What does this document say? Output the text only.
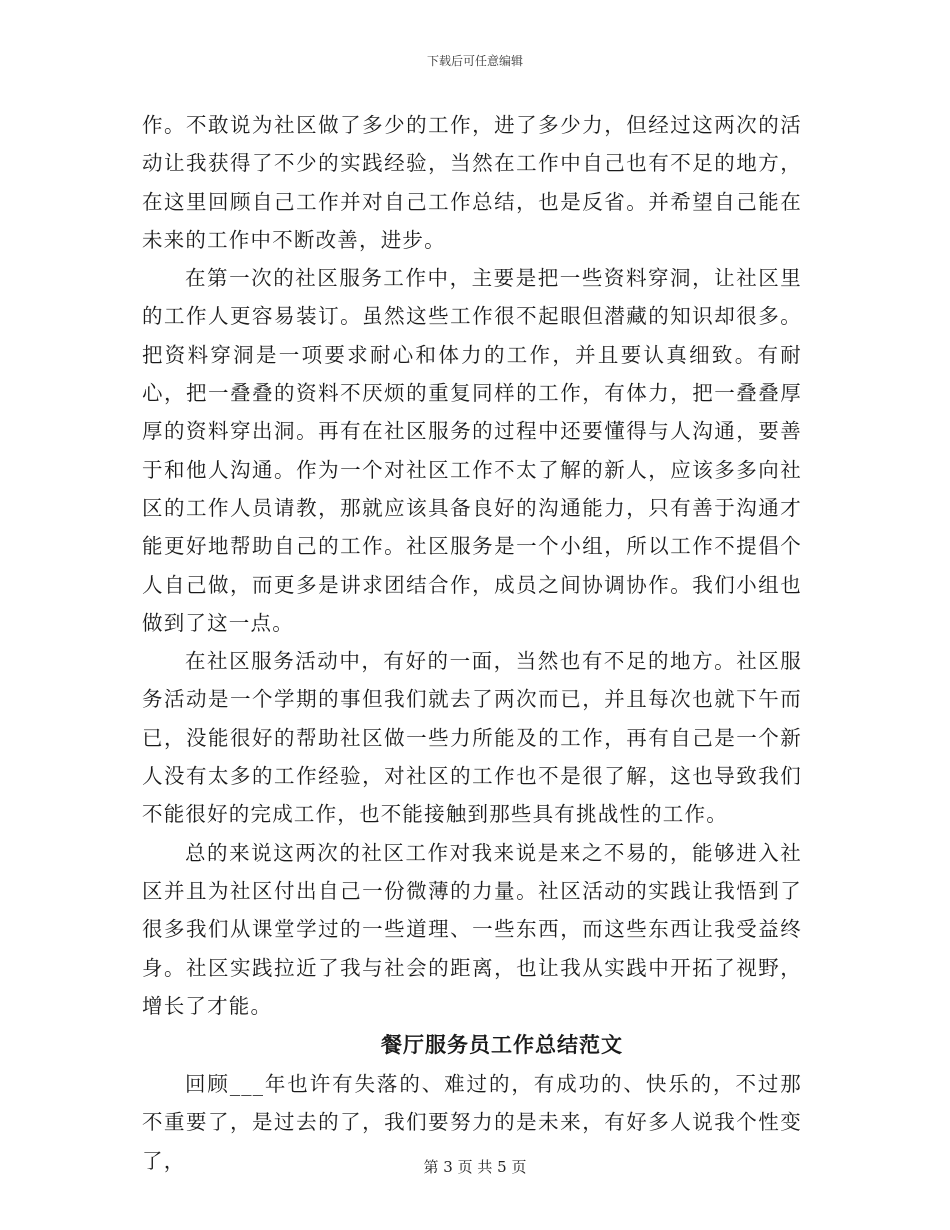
下载后可任意编辑

作。不敢说为社区做了多少的工作，进了多少力，但经过这两次的活动让我获得了不少的实践经验，当然在工作中自己也有不足的地方，在这里回顾自己工作并对自己工作总结，也是反省。并希望自己能在未来的工作中不断改善，进步。

在第一次的社区服务工作中，主要是把一些资料穿洞，让社区里的工作人更容易装订。虽然这些工作很不起眼但潜藏的知识却很多。把资料穿洞是一项要求耐心和体力的工作，并且要认真细致。有耐心，把一叠叠的资料不厌烦的重复同样的工作，有体力，把一叠叠厚厚的资料穿出洞。再有在社区服务的过程中还要懂得与人沟通，要善于和他人沟通。作为一个对社区工作不太了解的新人，应该多多向社区的工作人员请教，那就应该具备良好的沟通能力，只有善于沟通才能更好地帮助自己的工作。社区服务是一个小组，所以工作不提倡个人自己做，而更多是讲求团结合作，成员之间协调协作。我们小组也做到了这一点。

在社区服务活动中，有好的一面，当然也有不足的地方。社区服务活动是一个学期的事但我们就去了两次而已，并且每次也就下午而已，没能很好的帮助社区做一些力所能及的工作，再有自己是一个新人没有太多的工作经验，对社区的工作也不是很了解，这也导致我们不能很好的完成工作，也不能接触到那些具有挑战性的工作。

总的来说这两次的社区工作对我来说是来之不易的，能够进入社区并且为社区付出自己一份微薄的力量。社区活动的实践让我悟到了很多我们从课堂学过的一些道理、一些东西，而这些东西让我受益终身。社区实践拉近了我与社会的距离，也让我从实践中开拓了视野，增长了才能。

餐厅服务员工作总结范文

回顾___年也许有失落的、难过的，有成功的、快乐的，不过那不重要了，是过去的了，我们要努力的是未来，有好多人说我个性变了，	第 3 页 共 5 页
